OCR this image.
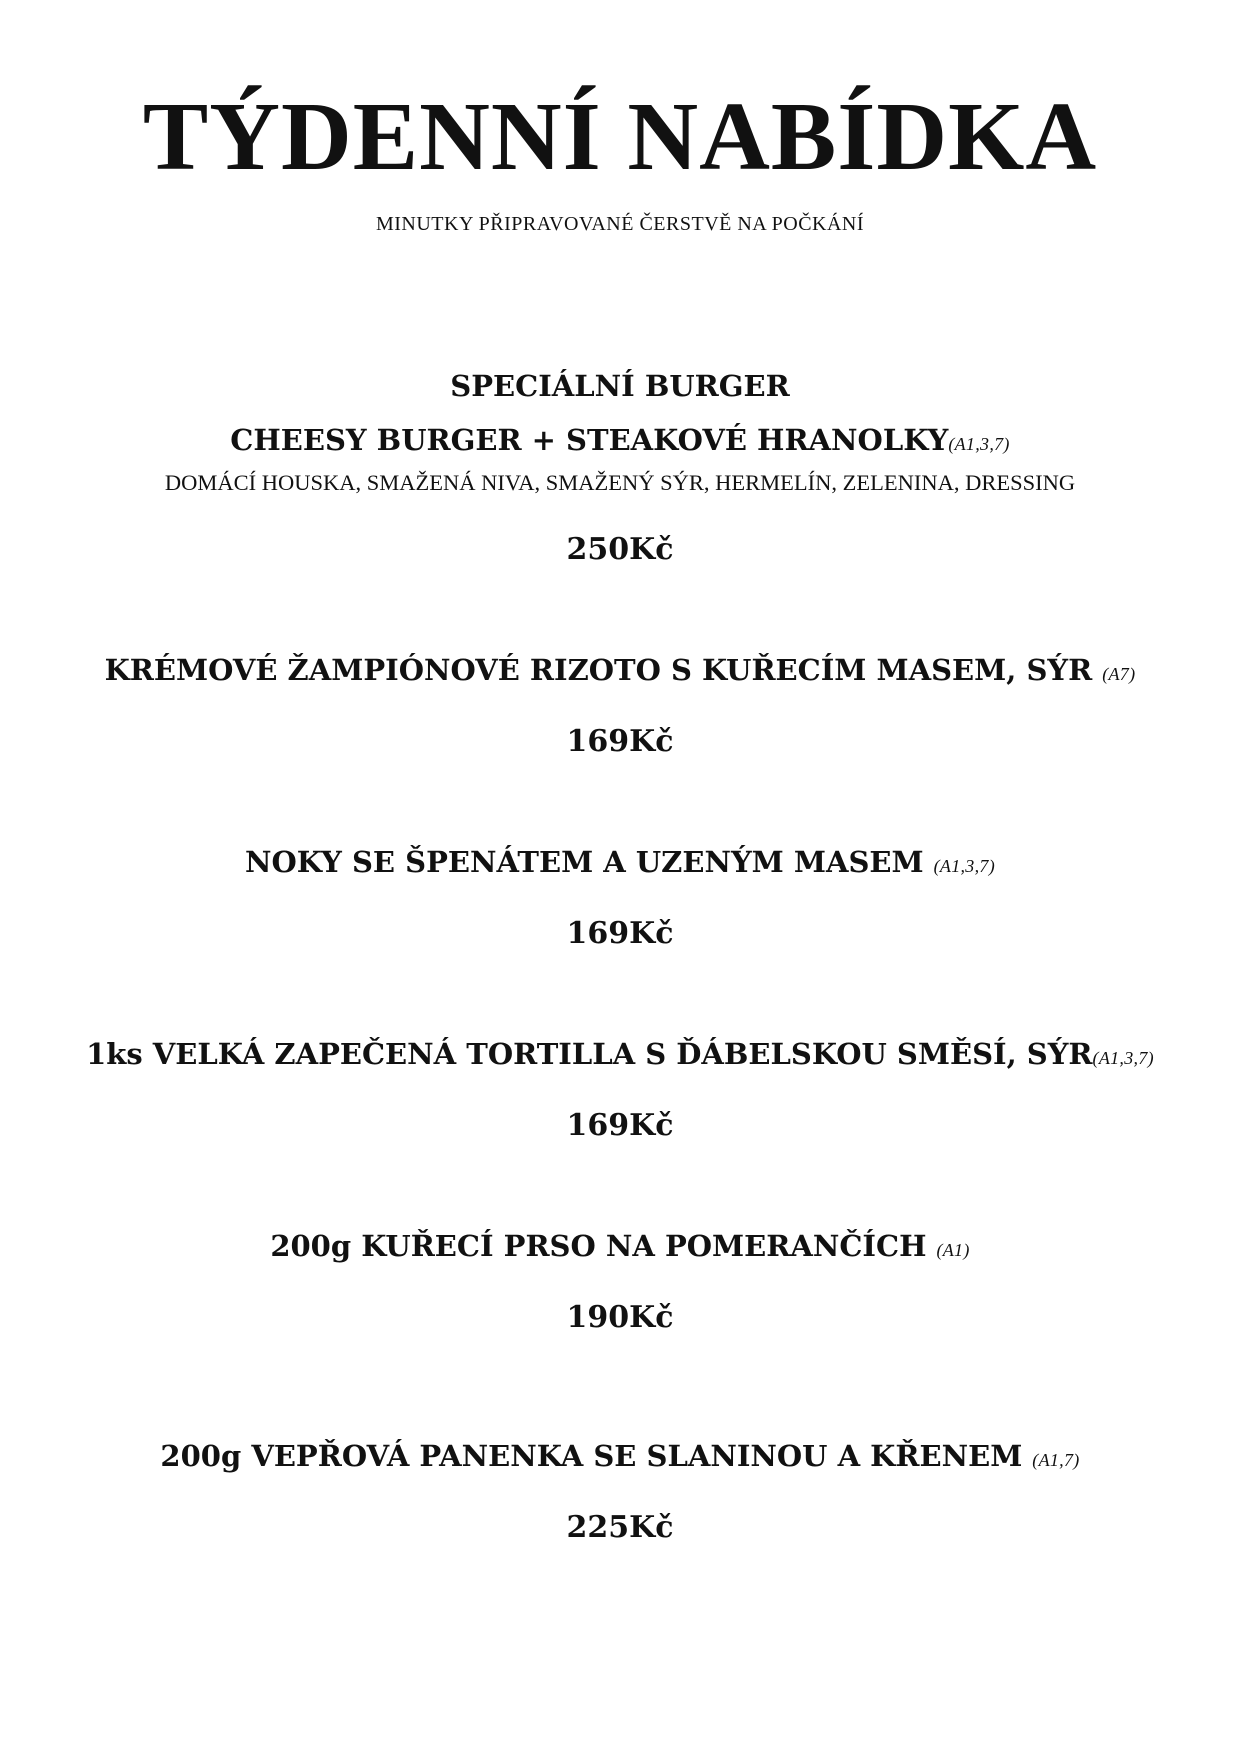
TÝDENNÍ NABÍDKA
MINUTKY PŘIPRAVOVANÉ ČERSTVĚ NA POČKÁNÍ
SPECIÁLNÍ BURGER
CHEESY BURGER + STEAKOVÉ HRANOLKY(A1,3,7)
DOMÁCÍ HOUSKA, SMAŽENÁ NIVA, SMAŽENÝ SÝR, HERMELÍN, ZELENINA, DRESSING
250Kč
KRÉMOVÉ ŽAMPIÓNOVÉ RIZOTO S KUŘECÍM MASEM, SÝR (A7)
169Kč
NOKY SE ŠPENÁTEM A UZENÝM MASEM (A1,3,7)
169Kč
1ks VELKÁ ZAPEČENÁ TORTILLA S ĎÁBELSKOU SMĚSÍ, SÝR(A1,3,7)
169Kč
200g KUŘECÍ PRSO NA POMERANČÍCH (A1)
190Kč
200g VEPŘOVÁ PANENKA SE SLANINOU A KŘENEM (A1,7)
225Kč
